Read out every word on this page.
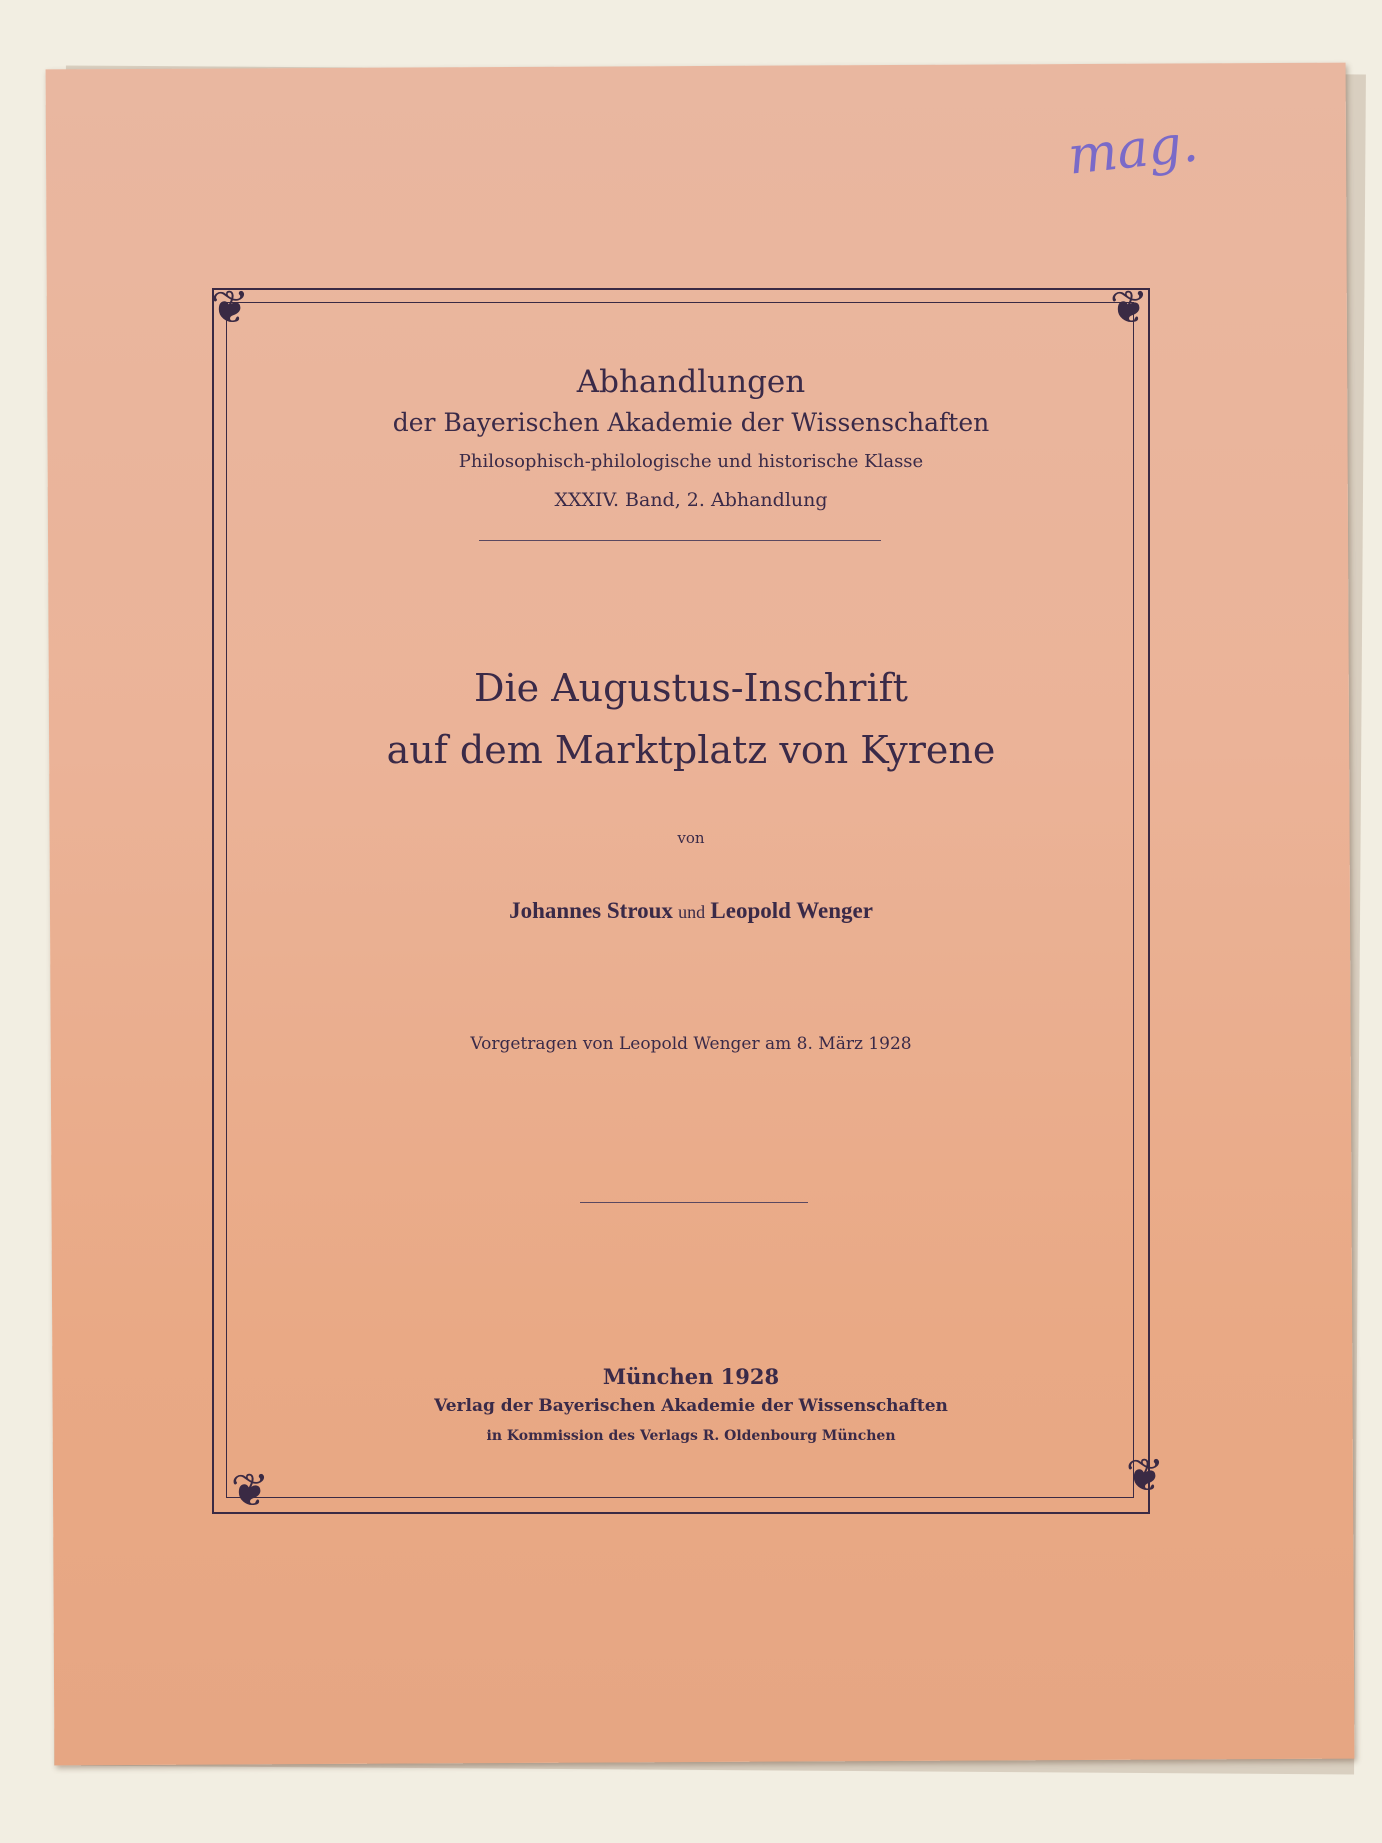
mag.
❦	❦
❦	❦
Abhandlungen
der Bayerischen Akademie der Wissenschaften
Philosophisch-philologische und historische Klasse
XXXIV. Band, 2. Abhandlung
Die Augustus-Inschrift
auf dem Marktplatz von Kyrene
von
Johannes Stroux und Leopold Wenger
Vorgetragen von Leopold Wenger am 8. März 1928
München 1928
Verlag der Bayerischen Akademie der Wissenschaften
in Kommission des Verlags R. Oldenbourg München
